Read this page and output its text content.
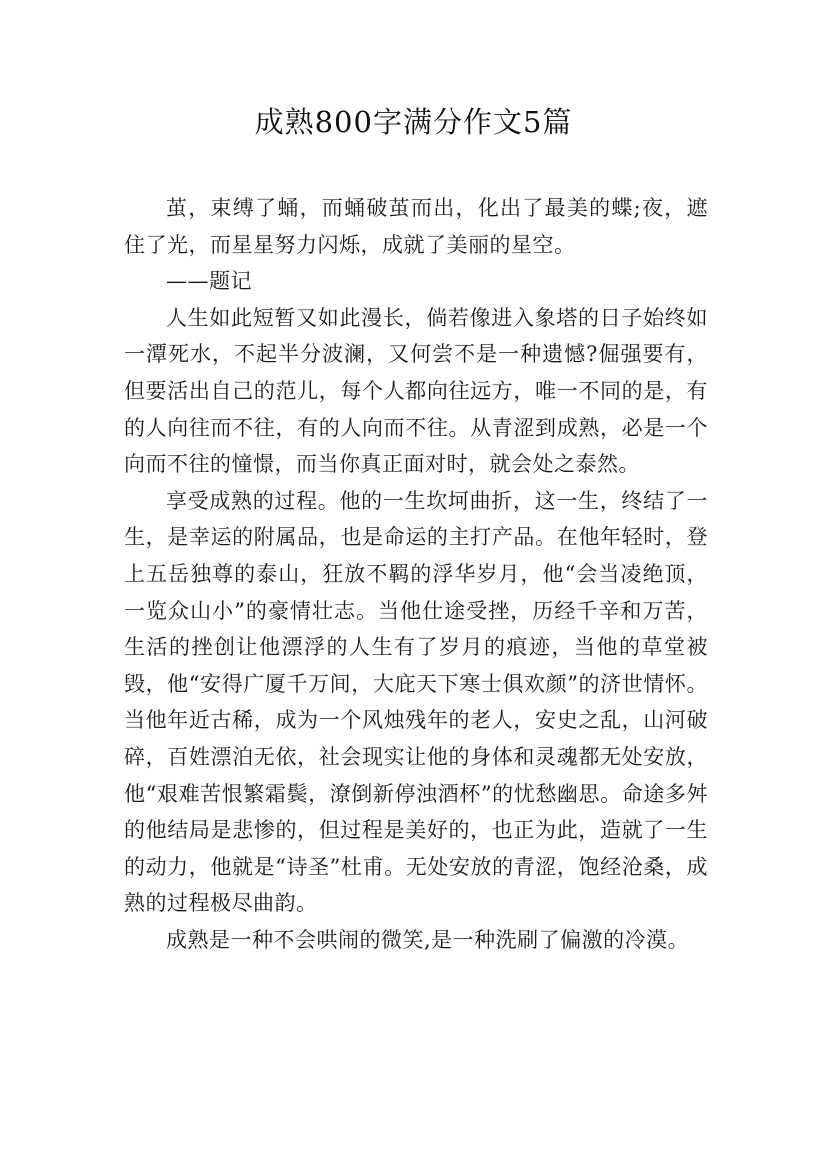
成熟800字满分作文5篇

茧，束缚了蛹，而蛹破茧而出，化出了最美的蝶;夜，遮住了光，而星星努力闪烁，成就了美丽的星空。

——题记

人生如此短暂又如此漫长，倘若像进入象塔的日子始终如一潭死水，不起半分波澜，又何尝不是一种遗憾?倔强要有，但要活出自己的范儿，每个人都向往远方，唯一不同的是，有的人向往而不往，有的人向而不往。从青涩到成熟，必是一个向而不往的憧憬，而当你真正面对时，就会处之泰然。

享受成熟的过程。他的一生坎坷曲折，这一生，终结了一生，是幸运的附属品，也是命运的主打产品。在他年轻时，登上五岳独尊的泰山，狂放不羁的浮华岁月，他“会当凌绝顶，一览众山小”的豪情壮志。当他仕途受挫，历经千辛和万苦，生活的挫创让他漂浮的人生有了岁月的痕迹，当他的草堂被毁，他“安得广厦千万间，大庇天下寒士俱欢颜”的济世情怀。当他年近古稀，成为一个风烛残年的老人，安史之乱，山河破碎，百姓漂泊无依，社会现实让他的身体和灵魂都无处安放，他“艰难苦恨繁霜鬓，潦倒新停浊酒杯”的忧愁幽思。命途多舛的他结局是悲惨的，但过程是美好的，也正为此，造就了一生的动力，他就是“诗圣”杜甫。无处安放的青涩，饱经沧桑，成熟的过程极尽曲韵。

成熟是一种不会哄闹的微笑,是一种洗刷了偏激的冷漠。
